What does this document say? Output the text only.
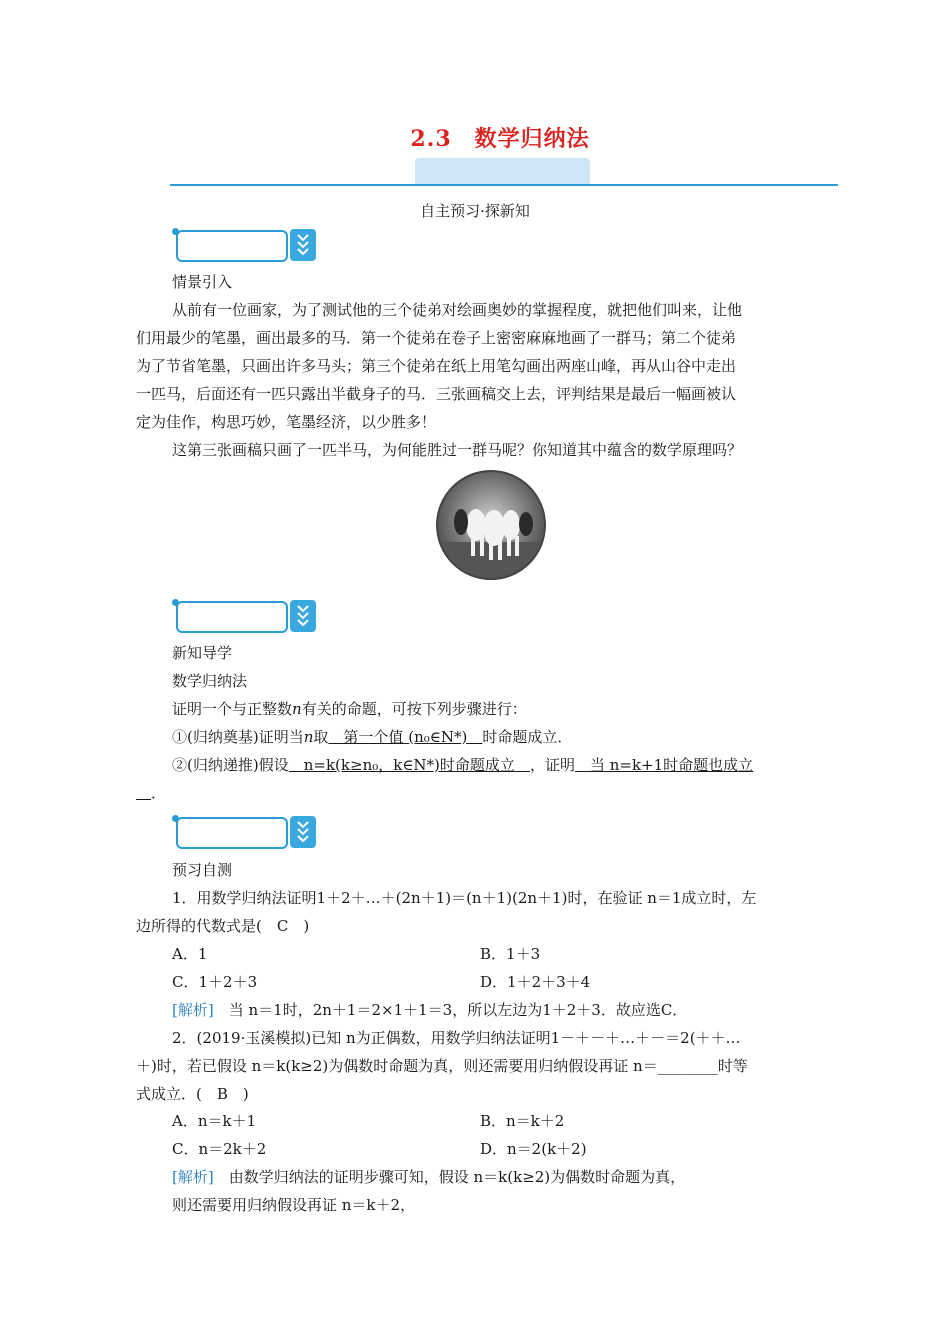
2.3　数学归纳法
自主预习·探新知
情景引入
从前有一位画家，为了测试他的三个徒弟对绘画奥妙的掌握程度，就把他们叫来，让他
们用最少的笔墨，画出最多的马．第一个徒弟在卷子上密密麻麻地画了一群马；第二个徒弟
为了节省笔墨，只画出许多马头；第三个徒弟在纸上用笔勾画出两座山峰，再从山谷中走出
一匹马，后面还有一匹只露出半截身子的马．三张画稿交上去，评判结果是最后一幅画被认
定为佳作，构思巧妙，笔墨经济，以少胜多！
这第三张画稿只画了一匹半马，为何能胜过一群马呢？你知道其中蕴含的数学原理吗？
新知导学
数学归纳法
证明一个与正整数n有关的命题，可按下列步骤进行：
①(归纳奠基)证明当n取　 第一个值 (n₀∈N*)　 时命题成立．
②(归纳递推)假设　 n=k(k≥n₀，k∈N*)时命题成立　 ，证明　 当 n=k+1时命题也成立
　．
预习自测
1．用数学归纳法证明1＋2＋…＋(2n＋1)＝(n＋1)(2n＋1)时，在验证 n＝1成立时，左
边所得的代数式是(　 C　 )
A．1	B．1＋3
C．1＋2＋3	D．1＋2＋3＋4
[解析]　 当 n＝1时，2n＋1＝2×1＋1＝3，所以左边为1＋2＋3．故应选C．
2．(2019·玉溪模拟)已知 n为正偶数，用数学归纳法证明1－＋－＋…＋－＝2(＋＋…
＋)时，若已假设 n＝k(k≥2)为偶数时命题为真，则还需要用归纳假设再证 n＝________时等
式成立．(　 B　 )
A．n＝k＋1	B．n＝k＋2
C．n＝2k＋2	D．n＝2(k＋2)
[解析]　 由数学归纳法的证明步骤可知，假设 n＝k(k≥2)为偶数时命题为真，
则还需要用归纳假设再证 n＝k＋2，
